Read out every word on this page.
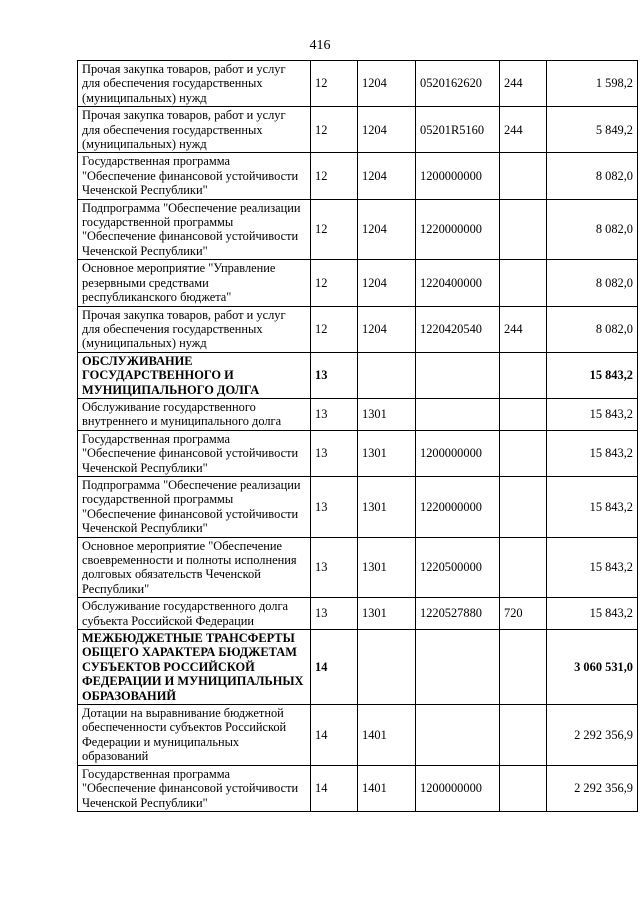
416
Прочая закупка товаров, работ и услуг для обеспечения государственных (муниципальных) нужд	12	1204	0520162620	244	1 598,2
Прочая закупка товаров, работ и услуг для обеспечения государственных (муниципальных) нужд	12	1204	05201R5160	244	5 849,2
Государственная программа "Обеспечение финансовой устойчивости Чеченской Республики"	12	1204	1200000000		8 082,0
Подпрограмма "Обеспечение реализации государственной программы "Обеспечение финансовой устойчивости Чеченской Республики"	12	1204	1220000000		8 082,0
Основное мероприятие "Управление резервными средствами республиканского бюджета"	12	1204	1220400000		8 082,0
Прочая закупка товаров, работ и услуг для обеспечения государственных (муниципальных) нужд	12	1204	1220420540	244	8 082,0
ОБСЛУЖИВАНИЕ ГОСУДАРСТВЕННОГО И МУНИЦИПАЛЬНОГО ДОЛГА	13				15 843,2
Обслуживание государственного внутреннего и муниципального долга	13	1301			15 843,2
Государственная программа "Обеспечение финансовой устойчивости Чеченской Республики"	13	1301	1200000000		15 843,2
Подпрограмма "Обеспечение реализации государственной программы "Обеспечение финансовой устойчивости Чеченской Республики"	13	1301	1220000000		15 843,2
Основное мероприятие "Обеспечение своевременности и полноты исполнения долговых обязательств Чеченской Республики"	13	1301	1220500000		15 843,2
Обслуживание государственного долга субъекта Российской Федерации	13	1301	1220527880	720	15 843,2
МЕЖБЮДЖЕТНЫЕ ТРАНСФЕРТЫ ОБЩЕГО ХАРАКТЕРА БЮДЖЕТАМ СУБЪЕКТОВ РОССИЙСКОЙ ФЕДЕРАЦИИ И МУНИЦИПАЛЬНЫХ ОБРАЗОВАНИЙ	14				3 060 531,0
Дотации на выравнивание бюджетной обеспеченности субъектов Российской Федерации и муниципальных образований	14	1401			2 292 356,9
Государственная программа "Обеспечение финансовой устойчивости Чеченской Республики"	14	1401	1200000000		2 292 356,9
